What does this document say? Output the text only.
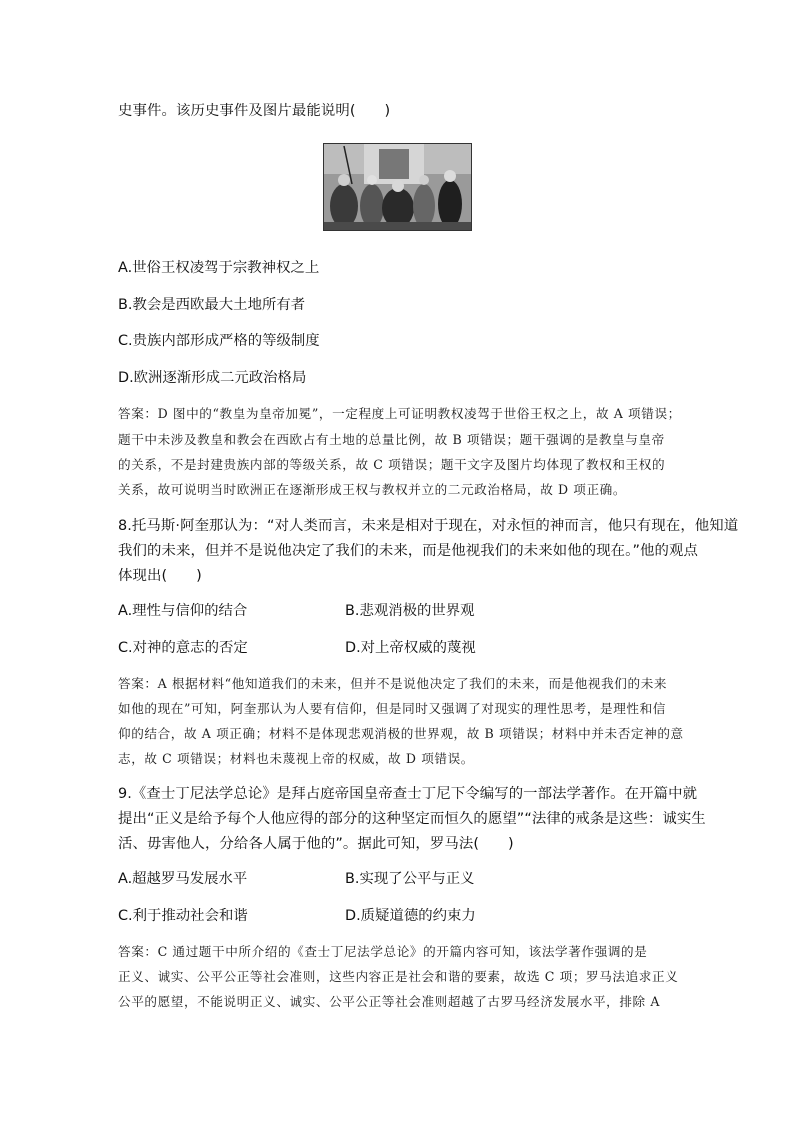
史事件。该历史事件及图片最能说明(　　)
A.世俗王权凌驾于宗教神权之上
B.教会是西欧最大土地所有者
C.贵族内部形成严格的等级制度
D.欧洲逐渐形成二元政治格局
答案：D 图中的“教皇为皇帝加冕”，一定程度上可证明教权凌驾于世俗王权之上，故 A 项错误；
题干中未涉及教皇和教会在西欧占有土地的总量比例，故 B 项错误；题干强调的是教皇与皇帝
的关系，不是封建贵族内部的等级关系，故 C 项错误；题干文字及图片均体现了教权和王权的
关系，故可说明当时欧洲正在逐渐形成王权与教权并立的二元政治格局，故 D 项正确。
8.托马斯·阿奎那认为：“对人类而言，未来是相对于现在，对永恒的神而言，他只有现在，他知道
我们的未来，但并不是说他决定了我们的未来，而是他视我们的未来如他的现在。”他的观点
体现出(　　)
A.理性与信仰的结合	B.悲观消极的世界观
C.对神的意志的否定	D.对上帝权威的蔑视
答案：A 根据材料“他知道我们的未来，但并不是说他决定了我们的未来，而是他视我们的未来
如他的现在”可知，阿奎那认为人要有信仰，但是同时又强调了对现实的理性思考，是理性和信
仰的结合，故 A 项正确；材料不是体现悲观消极的世界观，故 B 项错误；材料中并未否定神的意
志，故 C 项错误；材料也未蔑视上帝的权威，故 D 项错误。
9.《查士丁尼法学总论》是拜占庭帝国皇帝查士丁尼下令编写的一部法学著作。在开篇中就
提出“正义是给予每个人他应得的部分的这种坚定而恒久的愿望”“法律的戒条是这些：诚实生
活、毋害他人，分给各人属于他的”。据此可知，罗马法(　　)
A.超越罗马发展水平	B.实现了公平与正义
C.利于推动社会和谐	D.质疑道德的约束力
答案：C 通过题干中所介绍的《查士丁尼法学总论》的开篇内容可知，该法学著作强调的是
正义、诚实、公平公正等社会准则，这些内容正是社会和谐的要素，故选 C 项；罗马法追求正义
公平的愿望，不能说明正义、诚实、公平公正等社会准则超越了古罗马经济发展水平，排除 A
